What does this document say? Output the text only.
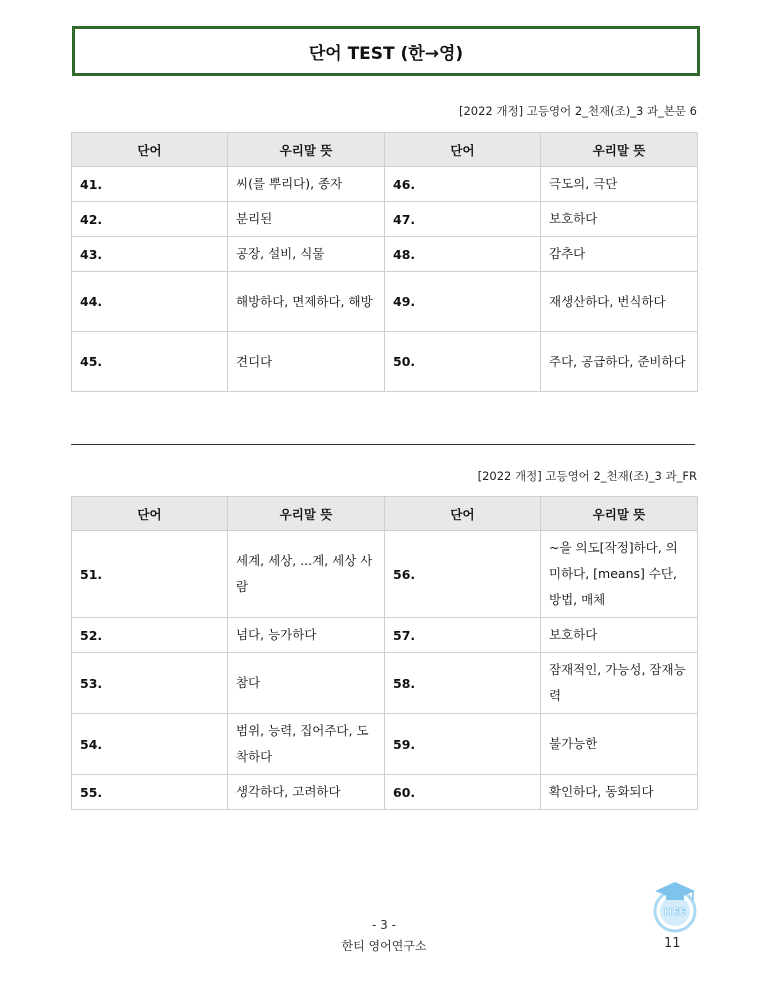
단어 TEST (한→영)
[2022 개정] 고등영어 2_천재(조)_3 과_본문 6
단어	우리말 뜻	단어	우리말 뜻
41.	씨(를 뿌리다), 종자	46.	극도의, 극단
42.	분리된	47.	보호하다
43.	공장, 설비, 식물	48.	감추다
44.	해방하다, 면제하다, 해방	49.	재생산하다, 번식하다
45.	견디다	50.	주다, 공급하다, 준비하다
[2022 개정] 고등영어 2_천재(조)_3 과_FR
단어	우리말 뜻	단어	우리말 뜻
51.	세계, 세상, ...계, 세상 사람	56.	~을 의도[작정]하다, 의미하다, [means] 수단, 방법, 매체
52.	넘다, 능가하다	57.	보호하다
53.	참다	58.	잠재적인, 가능성, 잠재능력
54.	범위, 능력, 집어주다, 도착하다	59.	불가능한
55.	생각하다, 고려하다	60.	확인하다, 동화되다
HEE
- 3 -
한티 영어연구소	11
